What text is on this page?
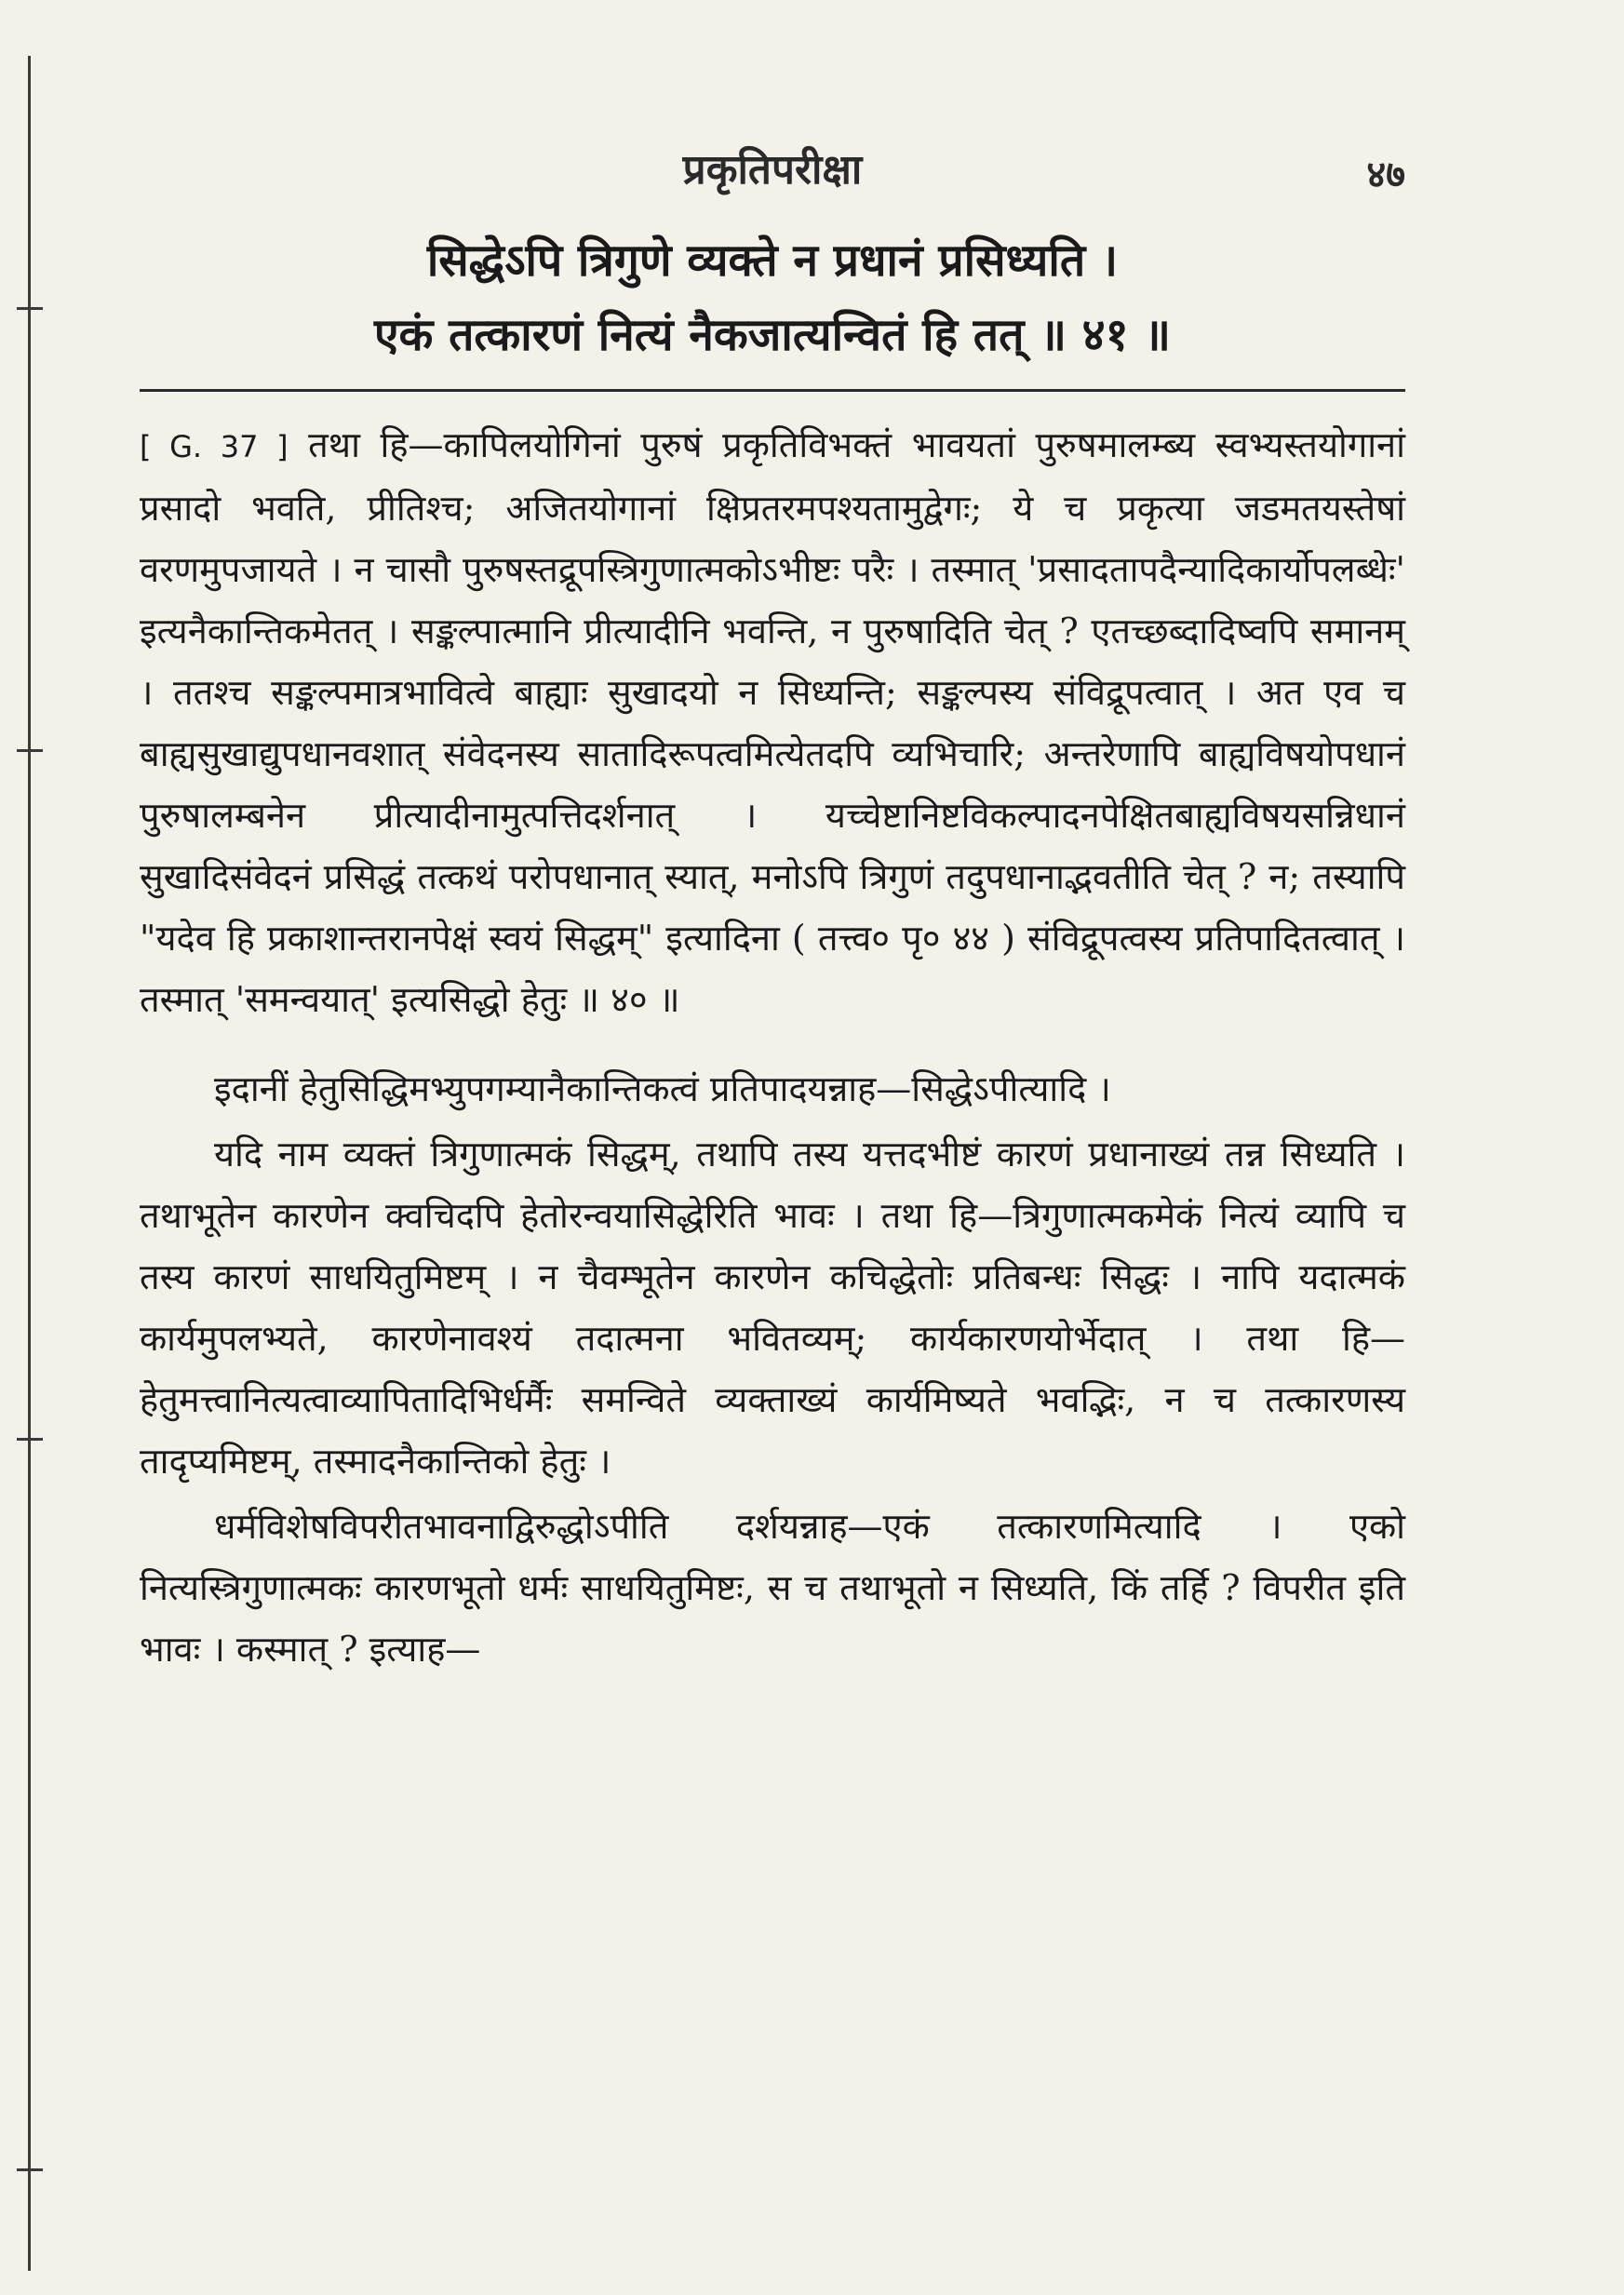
प्रकृतिपरीक्षा	४७
सिद्धेऽपि त्रिगुणे व्यक्ते न प्रधानं प्रसिध्यति ।
एकं तत्कारणं नित्यं नैकजात्यन्वितं हि तत् ॥ ४१ ॥

[ G. 37 ] तथा हि—कापिलयोगिनां पुरुषं प्रकृतिविभक्तं भावयतां पुरुषमालम्ब्य स्वभ्यस्तयोगानां प्रसादो भवति, प्रीतिश्च; अजितयोगानां क्षिप्रतरमपश्यतामुद्वेगः; ये च प्रकृत्या जडमतयस्तेषां वरणमुपजायते । न चासौ पुरुषस्तद्रूपस्त्रिगुणात्मकोऽभीष्टः परैः । तस्मात् 'प्रसादतापदैन्यादिकार्योपलब्धेः' इत्यनैकान्तिकमेतत् । सङ्कल्पात्मानि प्रीत्यादीनि भवन्ति, न पुरुषादिति चेत् ? एतच्छब्दादिष्वपि समानम् । ततश्च सङ्कल्पमात्रभावित्वे बाह्याः सुखादयो न सिध्यन्ति; सङ्कल्पस्य संविद्रूपत्वात् । अत एव च बाह्यसुखाद्युपधानवशात् संवेदनस्य सातादिरूपत्वमित्येतदपि व्यभिचारि; अन्तरेणापि बाह्यविषयोपधानं पुरुषालम्बनेन प्रीत्यादीनामुत्पत्तिदर्शनात् । यच्चेष्टानिष्टविकल्पादनपेक्षितबाह्यविषयसन्निधानं सुखादिसंवेदनं प्रसिद्धं तत्कथं परोपधानात् स्यात्, मनोऽपि त्रिगुणं तदुपधानाद्भवतीति चेत् ? न; तस्यापि "यदेव हि प्रकाशान्तरानपेक्षं स्वयं सिद्धम्" इत्यादिना ( तत्त्व० पृ० ४४ ) संविद्रूपत्वस्य प्रतिपादितत्वात् । तस्मात् 'समन्वयात्' इत्यसिद्धो हेतुः ॥ ४० ॥

इदानीं हेतुसिद्धिमभ्युपगम्यानैकान्तिकत्वं प्रतिपादयन्नाह—सिद्धेऽपीत्यादि ।

यदि नाम व्यक्तं त्रिगुणात्मकं सिद्धम्, तथापि तस्य यत्तदभीष्टं कारणं प्रधानाख्यं तन्न सिध्यति । तथाभूतेन कारणेन क्वचिदपि हेतोरन्वयासिद्धेरिति भावः । तथा हि—त्रिगुणात्मकमेकं नित्यं व्यापि च तस्य कारणं साधयितुमिष्टम् । न चैवम्भूतेन कारणेन कचिद्धेतोः प्रतिबन्धः सिद्धः । नापि यदात्मकं कार्यमुपलभ्यते, कारणेनावश्यं तदात्मना भवितव्यम्; कार्यकारणयोर्भेदात् । तथा हि—हेतुमत्त्वानित्यत्वाव्यापितादिभिर्धर्मैः समन्विते व्यक्ताख्यं कार्यमिष्यते भवद्भिः, न च तत्कारणस्य तादृप्यमिष्टम्, तस्मादनैकान्तिको हेतुः ।

धर्मविशेषविपरीतभावनाद्विरुद्धोऽपीति दर्शयन्नाह—एकं तत्कारणमित्यादि । एको नित्यस्त्रिगुणात्मकः कारणभूतो धर्मः साधयितुमिष्टः, स च तथाभूतो न सिध्यति, किं तर्हि ? विपरीत इति भावः । कस्मात् ? इत्याह—
